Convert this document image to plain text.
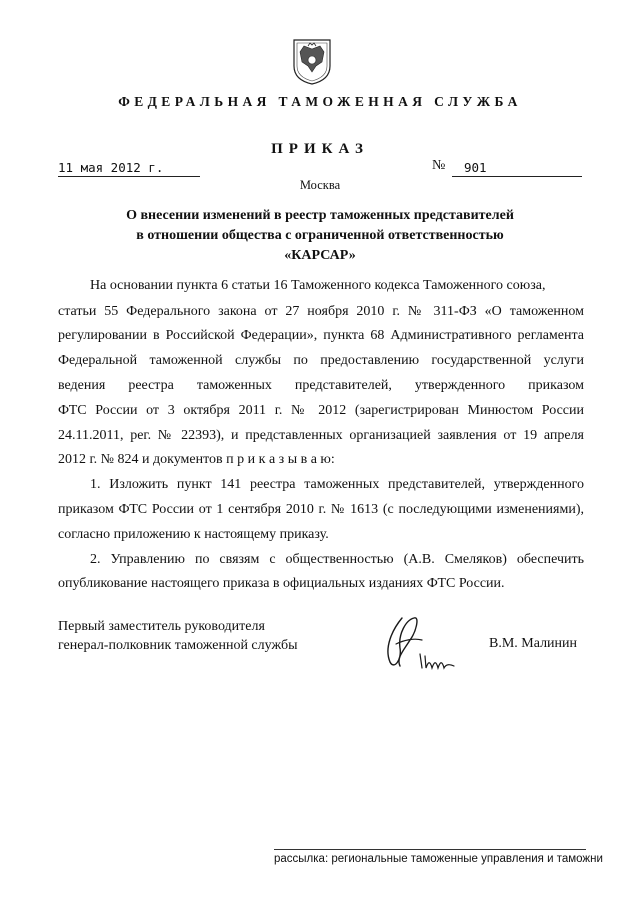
ФЕДЕРАЛЬНАЯ ТАМОЖЕННАЯ СЛУЖБА
ПРИКАЗ
11 мая 2012 г.	№	901
Москва
О внесении изменений в реестр таможенных представителей
в отношении общества с ограниченной ответственностью
«КАРСАР»
На основании пункта 6 статьи 16 Таможенного кодекса Таможенного союза,
статьи 55 Федерального закона от 27 ноября 2010 г. № 311-ФЗ «О таможенном
регулировании в Российской Федерации», пункта 68 Административного регламента
Федеральной таможенной службы по предоставлению государственной услуги
ведения реестра таможенных представителей, утвержденного приказом
ФТС России от 3 октября 2011 г. № 2012 (зарегистрирован Минюстом России
24.11.2011, рег. № 22393), и представленных организацией заявления от 19 апреля
2012 г. № 824 и документов п р и к а з ы в а ю:
1. Изложить пункт 141 реестра таможенных представителей, утвержденного
приказом ФТС России от 1 сентября 2010 г. № 1613 (с последующими изменениями),
согласно приложению к настоящему приказу.
2. Управлению по связям с общественностью (А.В. Смеляков) обеспечить
опубликование настоящего приказа в официальных изданиях ФТС России.
Первый заместитель руководителя
генерал-полковник таможенной службы	В.М. Малинин
рассылка: региональные таможенные управления и таможни
